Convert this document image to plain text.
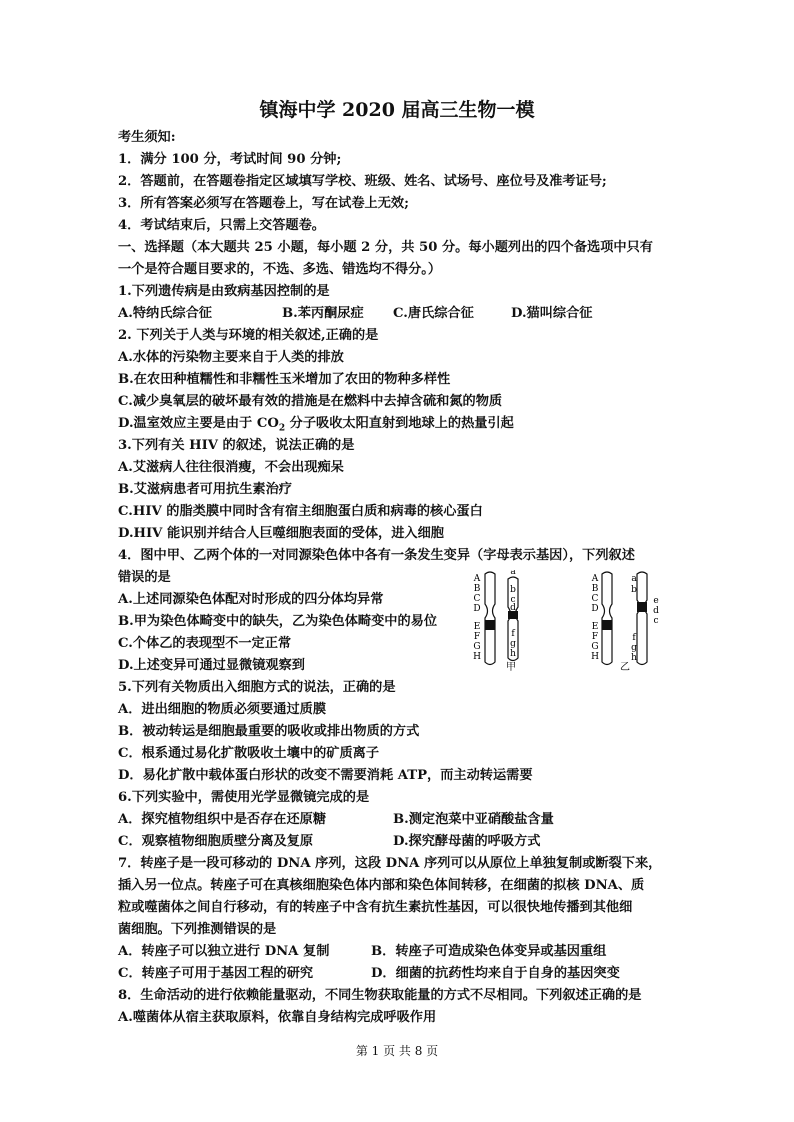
镇海中学 2020 届高三生物一模
考生须知:
1．满分 100 分，考试时间 90 分钟;
2．答题前，在答题卷指定区域填写学校、班级、姓名、试场号、座位号及准考证号;
3．所有答案必须写在答题卷上，写在试卷上无效;
4．考试结束后，只需上交答题卷。
一、选择题（本大题共 25 小题，每小题 2 分，共 50 分。每小题列出的四个备选项中只有
一个是符合题目要求的，不选、多选、错选均不得分。）
1.下列遗传病是由致病基因控制的是
A.特纳氏综合征	B.苯丙酮尿症 C.唐氏综合征	D.猫叫综合征
2. 下列关于人类与环境的相关叙述,正确的是
A.水体的污染物主要来自于人类的排放
B.在农田种植糯性和非糯性玉米增加了农田的物种多样性
C.减少臭氧层的破坏最有效的措施是在燃料中去掉含硫和氮的物质
D.温室效应主要是由于 $CO_2$ 分子吸收太阳直射到地球上的热量引起
3.下列有关 HIV 的叙述，说法正确的是
A.艾滋病人往往很消瘦，不会出现痴呆
B.艾滋病患者可用抗生素治疗
C.HIV 的脂类膜中同时含有宿主细胞蛋白质和病毒的核心蛋白
D.HIV 能识别并结合人巨噬细胞表面的受体，进入细胞
4．图中甲、乙两个体的一对同源染色体中各有一条发生变异（字母表示基因），下列叙述
错误的是
A.上述同源染色体配对时形成的四分体均异常
B.甲为染色体畸变中的缺失，乙为染色体畸变中的易位
C.个体乙的表现型不一定正常
D.上述变异可通过显微镜观察到
A
B
C
D
E
F
G
H
a
b
c
d
f
g
h
甲
A
B
C
D
E
F
G
H
a
b
e
d
c
f
g
h
乙
5.下列有关物质出入细胞方式的说法，正确的是
A．进出细胞的物质必须要通过质膜
B．被动转运是细胞最重要的吸收或排出物质的方式
C．根系通过易化扩散吸收土壤中的矿质离子
D．易化扩散中载体蛋白形状的改变不需要消耗 ATP，而主动转运需要
6.下列实验中，需使用光学显微镜完成的是
A．探究植物组织中是否存在还原糖	B.测定泡菜中亚硝酸盐含量
C．观察植物细胞质壁分离及复原	D.探究酵母菌的呼吸方式
7．转座子是一段可移动的 DNA 序列，这段 DNA 序列可以从原位上单独复制或断裂下来，
插入另一位点。转座子可在真核细胞染色体内部和染色体间转移，在细菌的拟核 DNA、质
粒或噬菌体之间自行移动，有的转座子中含有抗生素抗性基因，可以很快地传播到其他细
菌细胞。下列推测错误的是
A．转座子可以独立进行 DNA 复制	B．转座子可造成染色体变异或基因重组
C．转座子可用于基因工程的研究	D．细菌的抗药性均来自于自身的基因突变
8．生命活动的进行依赖能量驱动，不同生物获取能量的方式不尽相同。下列叙述正确的是
A.噬菌体从宿主获取原料，依靠自身结构完成呼吸作用
第 1 页 共 8 页
